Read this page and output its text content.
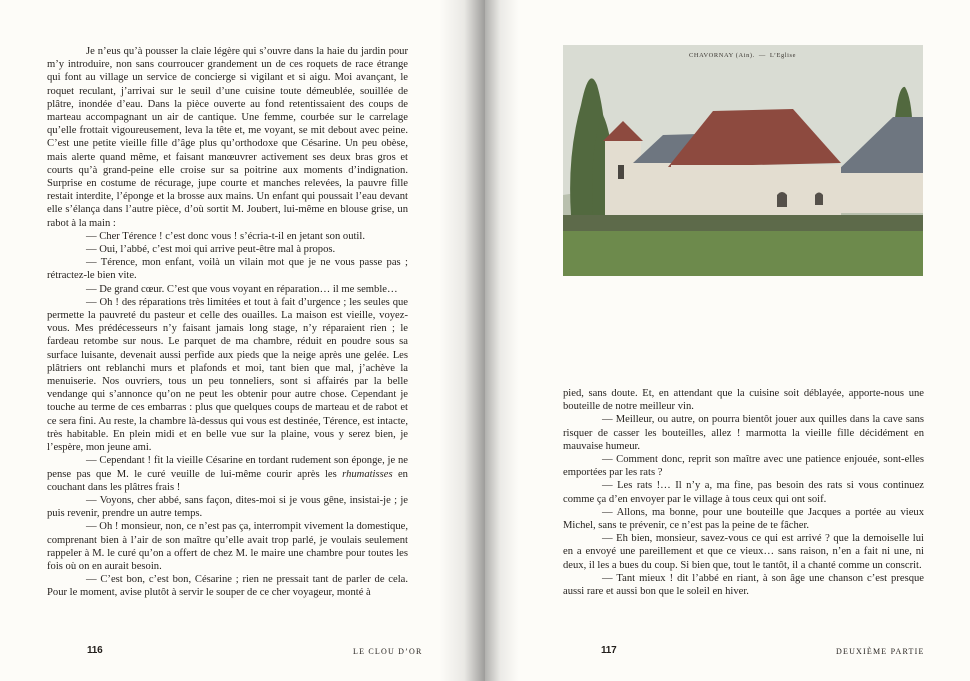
Je n’eus qu’à pousser la claie légère qui s’ouvre dans la haie du jardin pour m’y introduire, non sans courroucer grandement un de ces roquets de race étrange qui font au village un service de concierge si vigilant et si aigu. Moi avançant, le roquet reculant, j’arrivai sur le seuil d’une cuisine toute démeublée, souillée de plâtre, inondée d’eau. Dans la pièce ouverte au fond retentissaient des coups de marteau accompagnant un air de cantique. Une femme, courbée sur le carrelage qu’elle frottait vigoureusement, leva la tête et, me voyant, se mit debout avec peine. C’est une petite vieille fille d’âge plus qu’orthodoxe que Césarine. Un peu obèse, mais alerte quand même, et faisant manœuvrer activement ses deux bras gros et courts qu’à grand-peine elle croise sur sa poitrine aux moments d’indignation. Surprise en costume de récurage, jupe courte et manches relevées, la pauvre fille restait interdite, l’éponge et la brosse aux mains. Un enfant qui poussait l’eau devant elle s’élança dans l’autre pièce, d’où sortit M. Joubert, lui-même en blouse grise, un rabot à la main :

— Cher Térence ! c’est donc vous ! s’écria-t-il en jetant son outil.

— Oui, l’abbé, c’est moi qui arrive peut-être mal à propos.

— Térence, mon enfant, voilà un vilain mot que je ne vous passe pas ; rétractez-le bien vite.

— De grand cœur. C’est que vous voyant en réparation… il me semble…

— Oh ! des réparations très limitées et tout à fait d’urgence ; les seules que permette la pauvreté du pasteur et celle des ouailles. La maison est vieille, voyez-vous. Mes prédécesseurs n’y faisant jamais long stage, n’y réparaient rien ; le fardeau retombe sur nous. Le parquet de ma chambre, réduit en poudre sous sa surface luisante, devenait aussi perfide aux pieds que la neige après une gelée. Les plâtriers ont reblanchi murs et plafonds et moi, tant bien que mal, j’achève la menuiserie. Nos ouvriers, tous un peu tonneliers, sont si affairés par la belle vendange qui s’annonce qu’on ne peut les obtenir pour autre chose. Cependant je touche au terme de ces embarras : plus que quelques coups de marteau et de rabot et ce sera fini. Au reste, la chambre là-dessus qui vous est destinée, Térence, est intacte, très habitable. En plein midi et en belle vue sur la plaine, vous y serez bien, je l’espère, mon jeune ami.

— Cependant ! fit la vieille Césarine en tordant rudement son éponge, je ne pense pas que M. le curé veuille de lui-même courir après les rhumatisses en couchant dans les plâtres frais !

— Voyons, cher abbé, sans façon, dites-moi si je vous gêne, insistai-je ; je puis revenir, prendre un autre temps.

— Oh ! monsieur, non, ce n’est pas ça, interrompit vivement la domestique, comprenant bien à l’air de son maître qu’elle avait trop parlé, je voulais seulement rappeler à M. le curé qu’on a offert de chez M. le maire une chambre pour toutes les fois où on en aurait besoin.

— C’est bon, c’est bon, Césarine ; rien ne pressait tant de parler de cela. Pour le moment, avise plutôt à servir le souper de ce cher voyageur, monté à

116	LE CLOU D’OR
CHAVORNAY (Ain). — L’Eglise

pied, sans doute. Et, en attendant que la cuisine soit déblayée, apporte-nous une bouteille de notre meilleur vin.

— Meilleur, ou autre, on pourra bientôt jouer aux quilles dans la cave sans risquer de casser les bouteilles, allez ! marmotta la vieille fille décidément en mauvaise humeur.

— Comment donc, reprit son maître avec une patience enjouée, sont-elles emportées par les rats ?

— Les rats !… Il n’y a, ma fine, pas besoin des rats si vous continuez comme ça d’en envoyer par le village à tous ceux qui ont soif.

— Allons, ma bonne, pour une bouteille que Jacques a portée au vieux Michel, sans te prévenir, ce n’est pas la peine de te fâcher.

— Eh bien, monsieur, savez-vous ce qui est arrivé ? que la demoiselle lui en a envoyé une pareillement et que ce vieux… sans raison, n’en a fait ni une, ni deux, il les a bues du coup. Si bien que, tout le tantôt, il a chanté comme un conscrit.

— Tant mieux ! dit l’abbé en riant, à son âge une chanson c’est presque aussi rare et aussi bon que le soleil en hiver.

117	DEUXIÈME PARTIE
